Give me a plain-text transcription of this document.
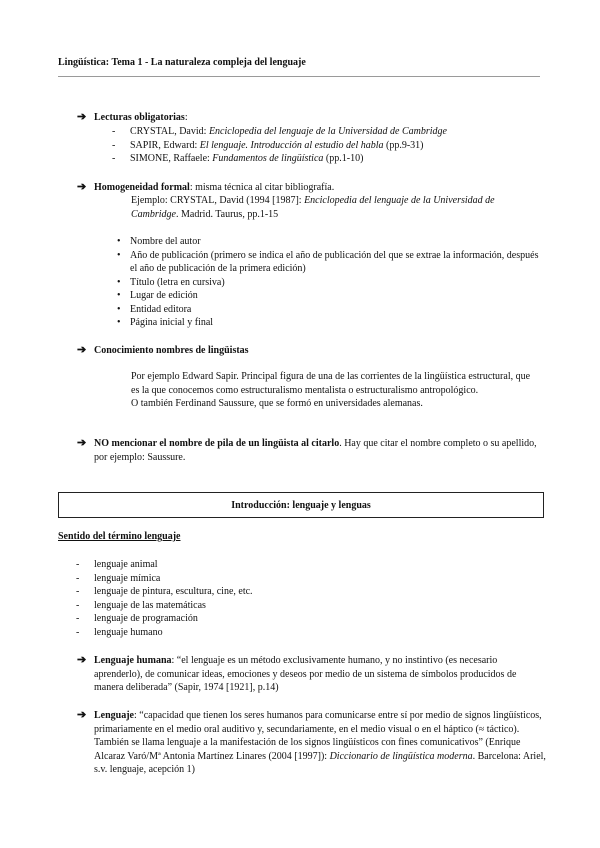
Lingüística: Tema 1 - La naturaleza compleja del lenguaje
➔ Lecturas obligatorias:
- CRYSTAL, David: Enciclopedia del lenguaje de la Universidad de Cambridge
- SAPIR, Edward: El lenguaje. Introducción al estudio del habla (pp.9-31)
- SIMONE, Raffaele: Fundamentos de lingüística (pp.1-10)
➔ Homogeneidad formal: misma técnica al citar bibliografía.
Ejemplo: CRYSTAL, David (1994 [1987]: Enciclopedia del lenguaje de la Universidad de Cambridge. Madrid. Taurus, pp.1-15
• Nombre del autor
• Año de publicación (primero se indica el año de publicación del que se extrae la información, después el año de publicación de la primera edición)
• Título (letra en cursiva)
• Lugar de edición
• Entidad editora
• Página inicial y final
➔ Conocimiento nombres de lingüistas
Por ejemplo Edward Sapir. Principal figura de una de las corrientes de la lingüística estructural, que es la que conocemos como estructuralismo mentalista o estructuralismo antropológico.
O también Ferdinand Saussure, que se formó en universidades alemanas.
➔ NO mencionar el nombre de pila de un lingüista al citarlo. Hay que citar el nombre completo o su apellido, por ejemplo: Saussure.
Introducción: lenguaje y lenguas
Sentido del término lenguaje
- lenguaje animal
- lenguaje mímica
- lenguaje de pintura, escultura, cine, etc.
- lenguaje de las matemáticas
- lenguaje de programación
- lenguaje humano
➔ Lenguaje humana: “el lenguaje es un método exclusivamente humano, y no instintivo (es necesario aprenderlo), de comunicar ideas, emociones y deseos por medio de un sistema de símbolos producidos de manera deliberada” (Sapir, 1974 [1921], p.14)
➔ Lenguaje: “capacidad que tienen los seres humanos para comunicarse entre sí por medio de signos lingüísticos, primariamente en el medio oral auditivo y, secundariamente, en el medio visual o en el háptico (≈ táctico). También se llama lenguaje a la manifestación de los signos lingüísticos con fines comunicativos” (Enrique Alcaraz Varó/Mª Antonia Martínez Linares (2004 [1997]): Diccionario de lingüística moderna. Barcelona: Ariel, s.v. lenguaje, acepción 1)
